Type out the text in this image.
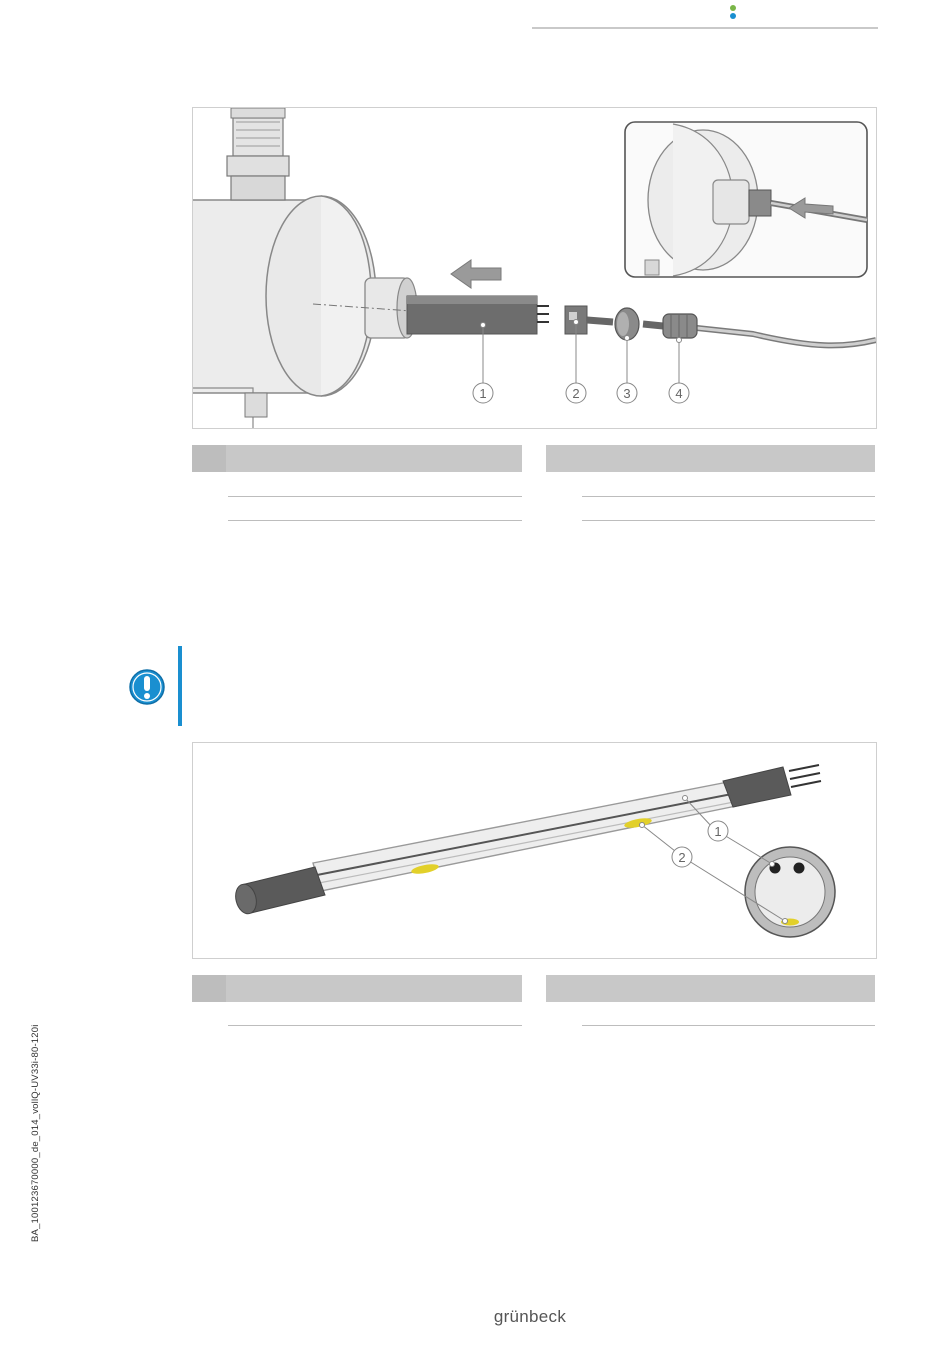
1	2	3	4
1
2
BA_100123670000_de_014_vollQ-UV33i-80-120i
grünbeck
